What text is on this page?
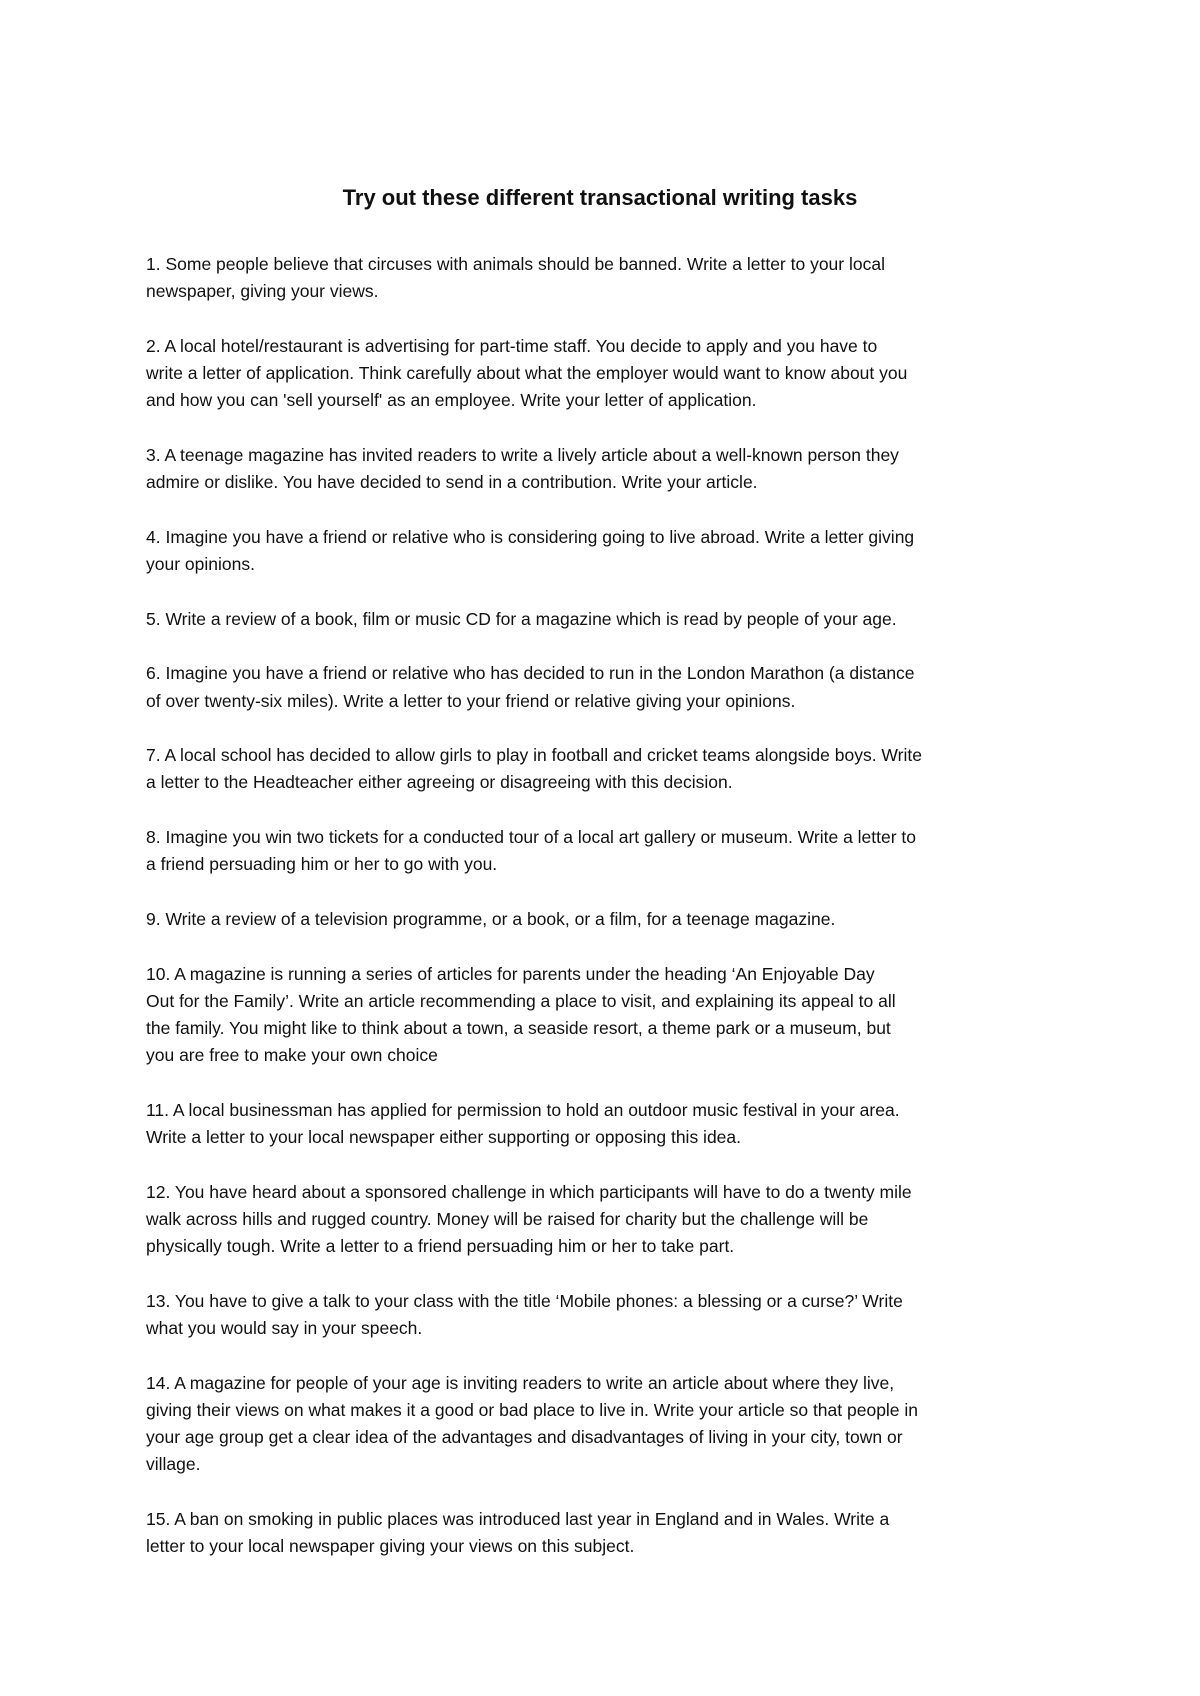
Try out these different transactional writing tasks
1. Some people believe that circuses with animals should be banned. Write a letter to your local
newspaper, giving your views.
2. A local hotel/restaurant is advertising for part-time staff. You decide to apply and you have to
write a letter of application. Think carefully about what the employer would want to know about you
and how you can 'sell yourself' as an employee. Write your letter of application.
3. A teenage magazine has invited readers to write a lively article about a well-known person they
admire or dislike. You have decided to send in a contribution. Write your article.
4. Imagine you have a friend or relative who is considering going to live abroad. Write a letter giving
your opinions.
5. Write a review of a book, film or music CD for a magazine which is read by people of your age.
6. Imagine you have a friend or relative who has decided to run in the London Marathon (a distance
of over twenty-six miles). Write a letter to your friend or relative giving your opinions.
7. A local school has decided to allow girls to play in football and cricket teams alongside boys. Write
a letter to the Headteacher either agreeing or disagreeing with this decision.
8. Imagine you win two tickets for a conducted tour of a local art gallery or museum. Write a letter to
a friend persuading him or her to go with you.
9. Write a review of a television programme, or a book, or a film, for a teenage magazine.
10. A magazine is running a series of articles for parents under the heading ‘An Enjoyable Day
Out for the Family’. Write an article recommending a place to visit, and explaining its appeal to all
the family. You might like to think about a town, a seaside resort, a theme park or a museum, but
you are free to make your own choice
11. A local businessman has applied for permission to hold an outdoor music festival in your area.
Write a letter to your local newspaper either supporting or opposing this idea.
12. You have heard about a sponsored challenge in which participants will have to do a twenty mile
walk across hills and rugged country. Money will be raised for charity but the challenge will be
physically tough. Write a letter to a friend persuading him or her to take part.
13. You have to give a talk to your class with the title ‘Mobile phones: a blessing or a curse?’ Write
what you would say in your speech.
14. A magazine for people of your age is inviting readers to write an article about where they live,
giving their views on what makes it a good or bad place to live in. Write your article so that people in
your age group get a clear idea of the advantages and disadvantages of living in your city, town or
village.
15. A ban on smoking in public places was introduced last year in England and in Wales. Write a
letter to your local newspaper giving your views on this subject.
